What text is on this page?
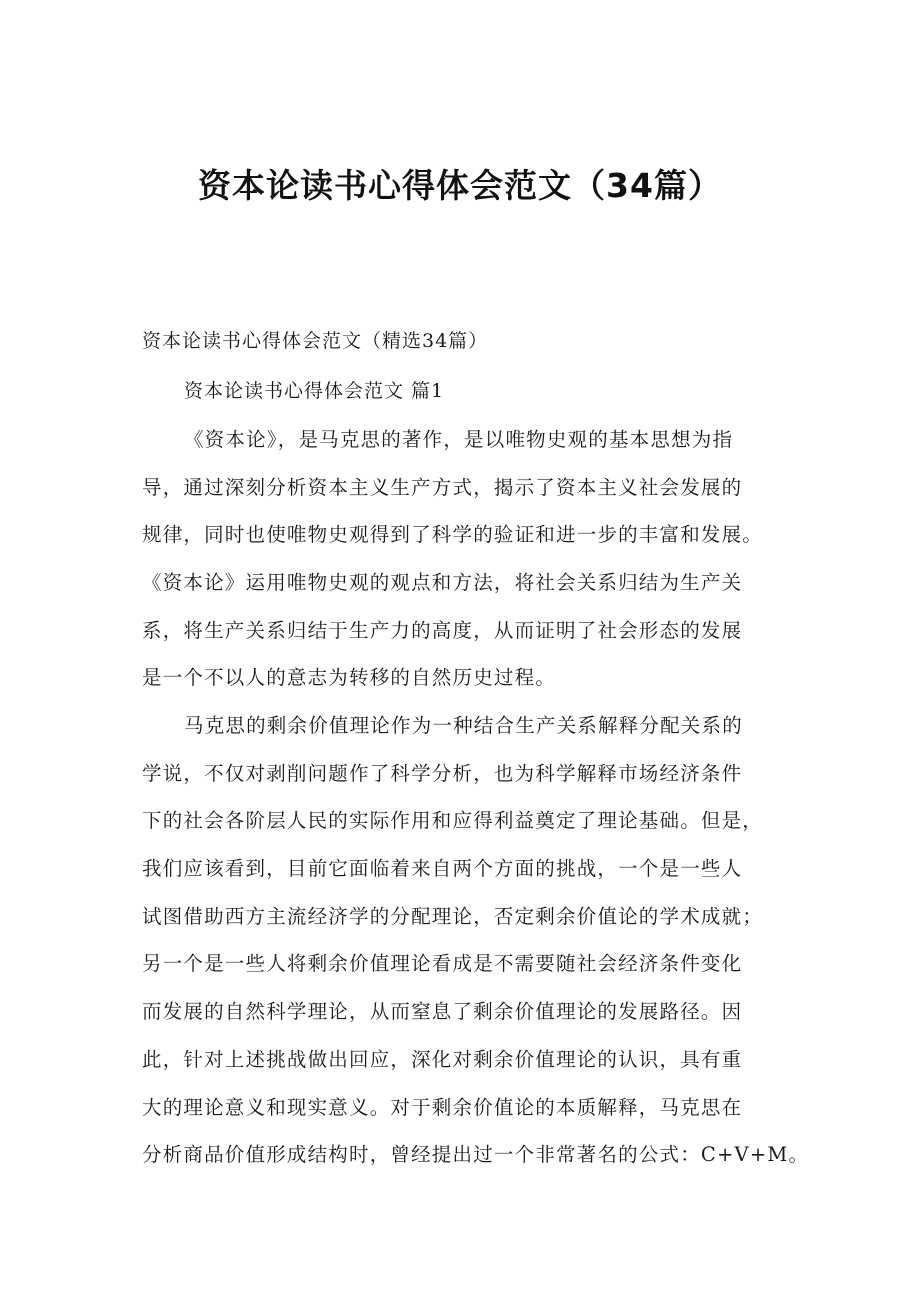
资本论读书心得体会范文（34篇）

资本论读书心得体会范文（精选34篇）

资本论读书心得体会范文 篇1

《资本论》，是马克思的著作，是以唯物史观的基本思想为指
导，通过深刻分析资本主义生产方式，揭示了资本主义社会发展的
规律，同时也使唯物史观得到了科学的验证和进一步的丰富和发展。
《资本论》运用唯物史观的观点和方法，将社会关系归结为生产关
系，将生产关系归结于生产力的高度，从而证明了社会形态的发展
是一个不以人的意志为转移的自然历史过程。
马克思的剩余价值理论作为一种结合生产关系解释分配关系的
学说，不仅对剥削问题作了科学分析，也为科学解释市场经济条件
下的社会各阶层人民的实际作用和应得利益奠定了理论基础。但是，
我们应该看到，目前它面临着来自两个方面的挑战，一个是一些人
试图借助西方主流经济学的分配理论，否定剩余价值论的学术成就；
另一个是一些人将剩余价值理论看成是不需要随社会经济条件变化
而发展的自然科学理论，从而窒息了剩余价值理论的发展路径。因
此，针对上述挑战做出回应，深化对剩余价值理论的认识，具有重
大的理论意义和现实意义。对于剩余价值论的本质解释，马克思在
分析商品价值形成结构时，曾经提出过一个非常著名的公式：C+V+M。
